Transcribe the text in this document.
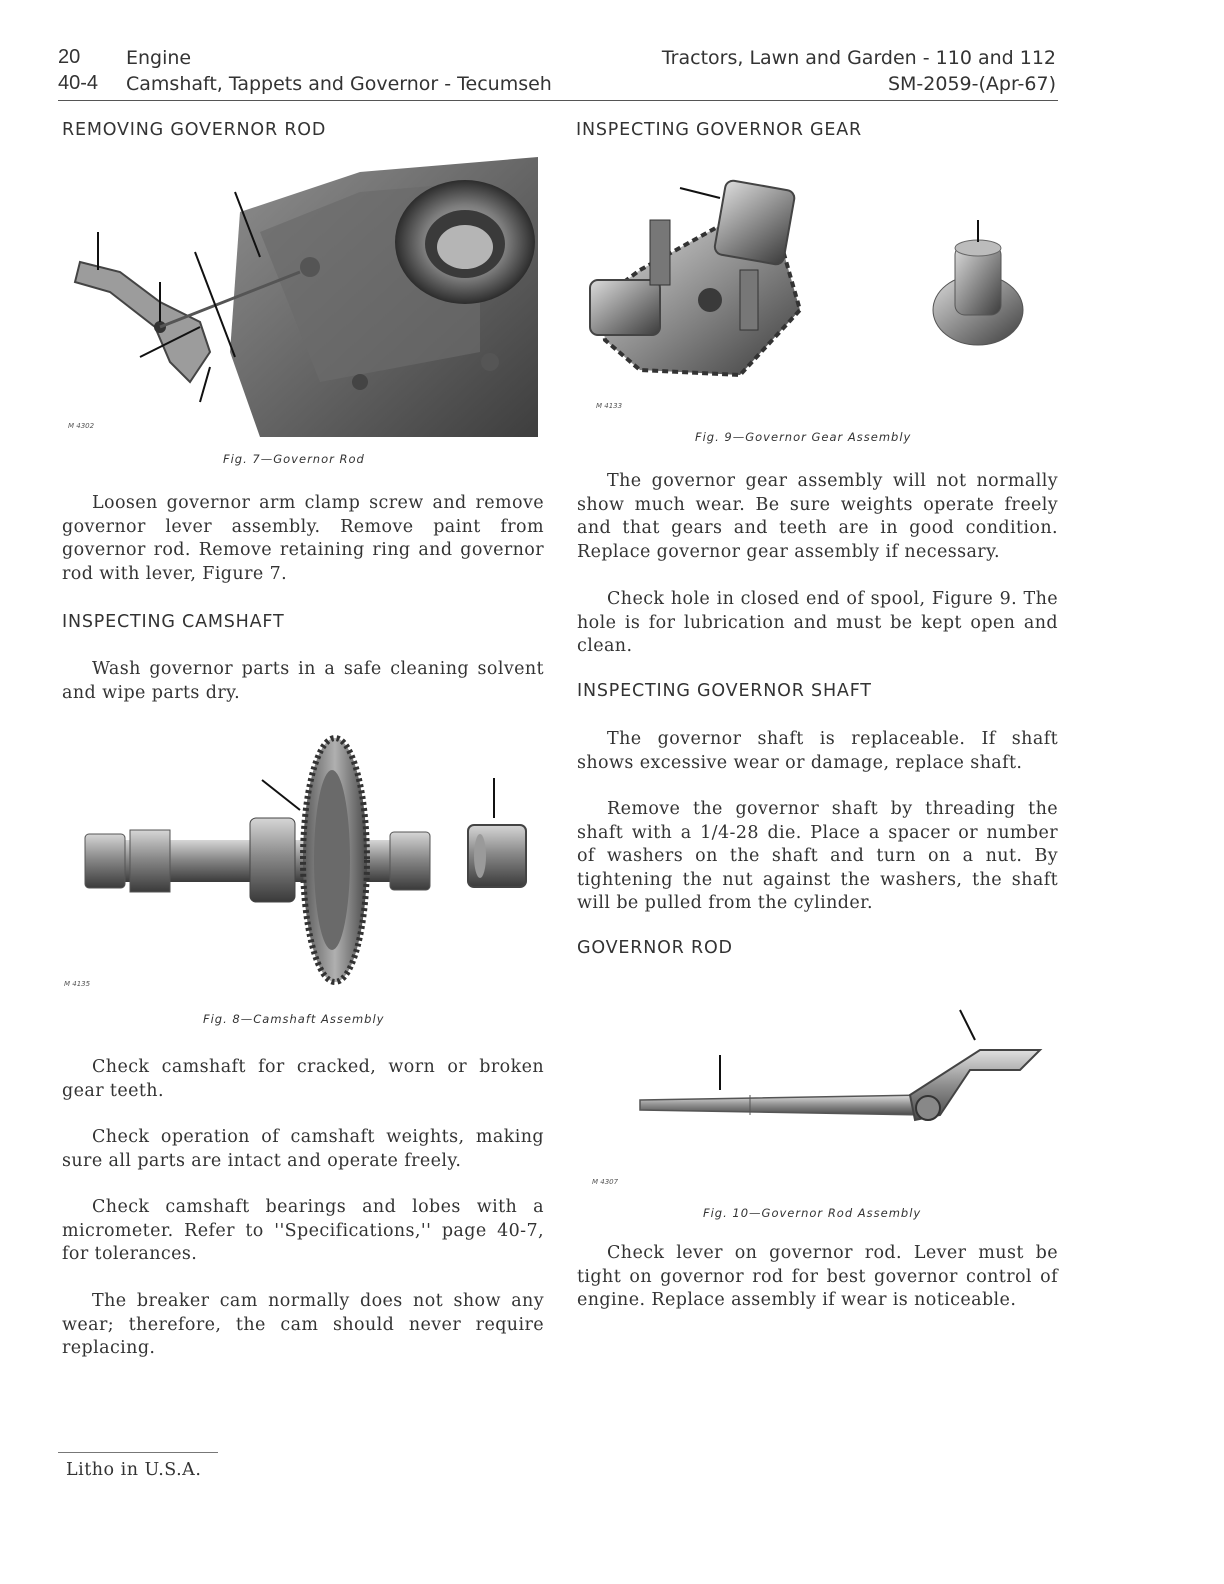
20 Engine
40-4 Camshaft, Tappets and Governor - Tecumseh
Tractors, Lawn and Garden - 110 and 112
SM-2059-(Apr-67)
REMOVING GOVERNOR ROD
M 4302
Fig. 7—Governor Rod
Loosen governor arm clamp screw and remove governor lever assembly. Remove paint from governor rod. Remove retaining ring and governor rod with lever, Figure 7.
INSPECTING CAMSHAFT
Wash governor parts in a safe cleaning solvent and wipe parts dry.
M 4135
Fig. 8—Camshaft Assembly
Check camshaft for cracked, worn or broken gear teeth.
Check operation of camshaft weights, making sure all parts are intact and operate freely.
Check camshaft bearings and lobes with a micrometer. Refer to ''Specifications,'' page 40-7, for tolerances.
The breaker cam normally does not show any wear; therefore, the cam should never require replacing.
INSPECTING GOVERNOR GEAR
M 4133
Fig. 9—Governor Gear Assembly
The governor gear assembly will not normally show much wear. Be sure weights operate freely and that gears and teeth are in good condition. Replace governor gear assembly if necessary.
Check hole in closed end of spool, Figure 9. The hole is for lubrication and must be kept open and clean.
INSPECTING GOVERNOR SHAFT
The governor shaft is replaceable. If shaft shows excessive wear or damage, replace shaft.
Remove the governor shaft by threading the shaft with a 1/4-28 die. Place a spacer or number of washers on the shaft and turn on a nut. By tightening the nut against the washers, the shaft will be pulled from the cylinder.
GOVERNOR ROD
M 4307
Fig. 10—Governor Rod Assembly
Check lever on governor rod. Lever must be tight on governor rod for best governor control of engine. Replace assembly if wear is noticeable.
Litho in U.S.A.
